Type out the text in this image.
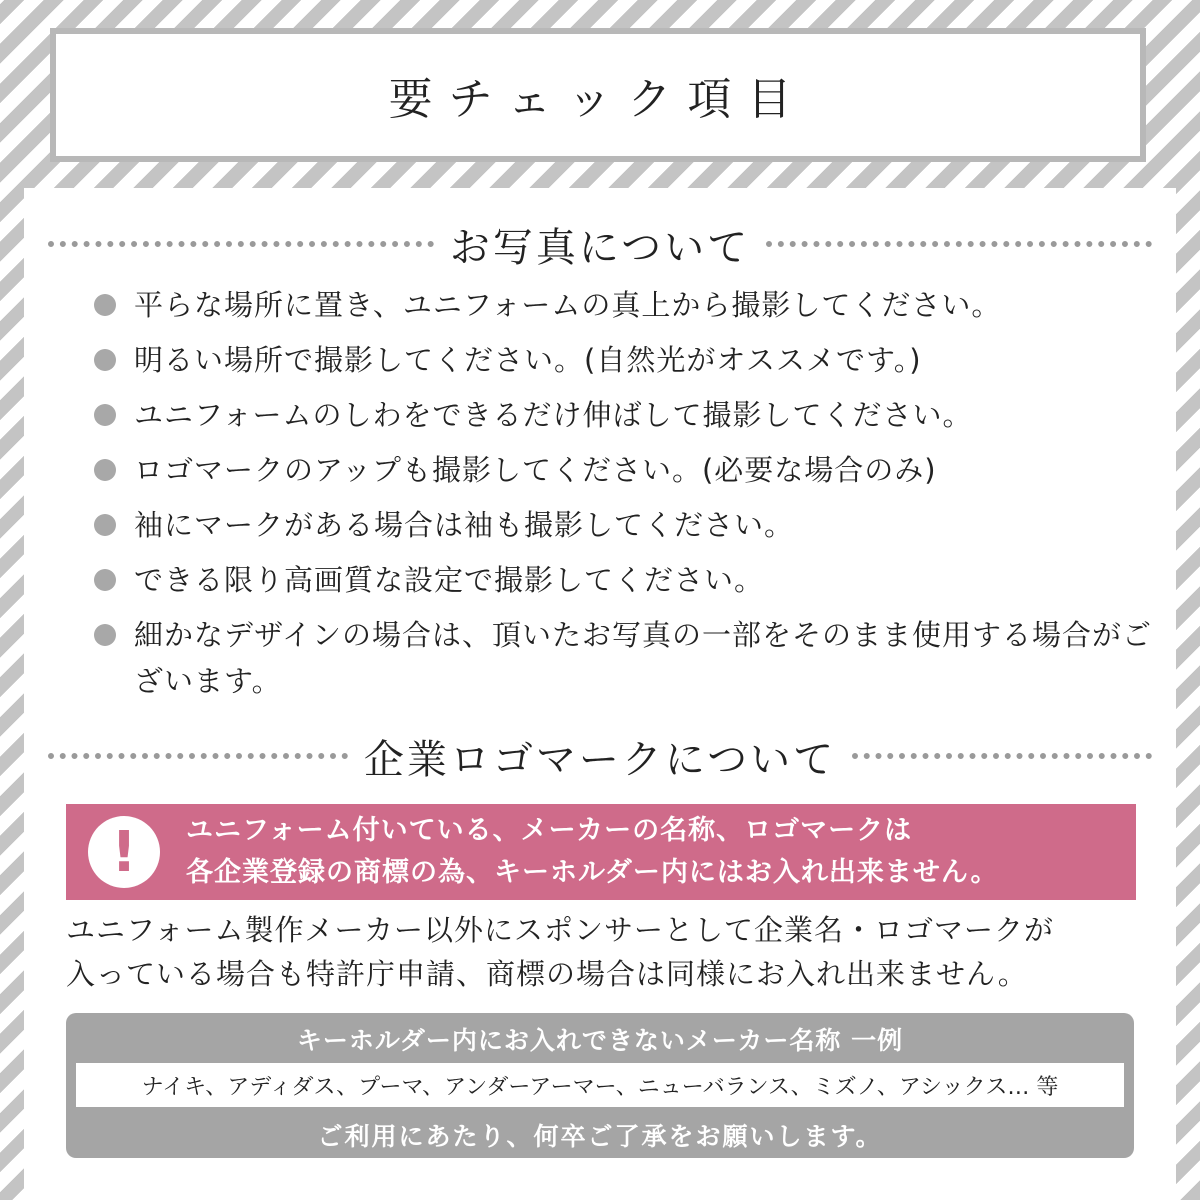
要チェック項目
お写真について
平らな場所に置き、ユニフォームの真上から撮影してください。
明るい場所で撮影してください。(自然光がオススメです。)
ユニフォームのしわをできるだけ伸ばして撮影してください。
ロゴマークのアップも撮影してください。(必要な場合のみ)
袖にマークがある場合は袖も撮影してください。
できる限り高画質な設定で撮影してください。
細かなデザインの場合は、頂いたお写真の一部をそのまま使用する場合がございます。
企業ロゴマークについて
!	ユニフォーム付いている、メーカーの名称、ロゴマークは
各企業登録の商標の為、キーホルダー内にはお入れ出来ません。
ユニフォーム製作メーカー以外にスポンサーとして企業名・ロゴマークが
入っている場合も特許庁申請、商標の場合は同様にお入れ出来ません。
キーホルダー内にお入れできないメーカー名称 一例
ナイキ、アディダス、プーマ、アンダーアーマー、ニューバランス、ミズノ、アシックス… 等
ご利用にあたり、何卒ご了承をお願いします。
